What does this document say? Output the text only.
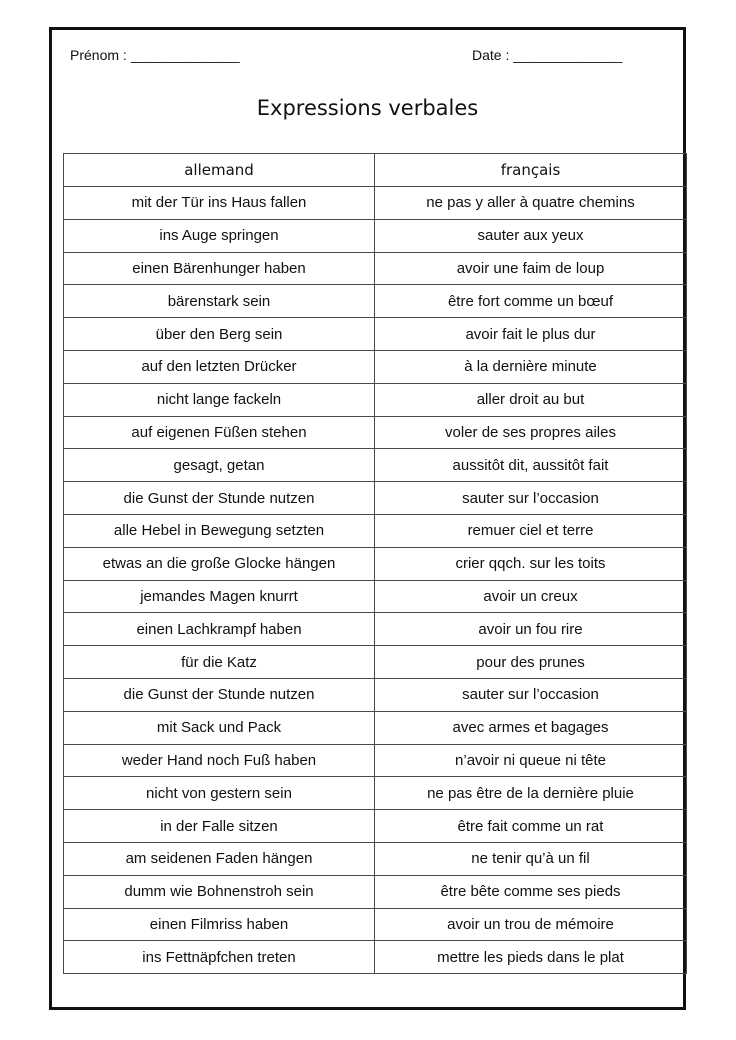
Prénom : ______________	Date : ______________
Expressions verbales
allemand	français
mit der Tür ins Haus fallen	ne pas y aller à quatre chemins
ins Auge springen	sauter aux yeux
einen Bärenhunger haben	avoir une faim de loup
bärenstark sein	être fort comme un bœuf
über den Berg sein	avoir fait le plus dur
auf den letzten Drücker	à la dernière minute
nicht lange fackeln	aller droit au but
auf eigenen Füßen stehen	voler de ses propres ailes
gesagt, getan	aussitôt dit, aussitôt fait
die Gunst der Stunde nutzen	sauter sur l’occasion
alle Hebel in Bewegung setzten	remuer ciel et terre
etwas an die große Glocke hängen	crier qqch. sur les toits
jemandes Magen knurrt	avoir un creux
einen Lachkrampf haben	avoir un fou rire
für die Katz	pour des prunes
die Gunst der Stunde nutzen	sauter sur l’occasion
mit Sack und Pack	avec armes et bagages
weder Hand noch Fuß haben	n’avoir ni queue ni tête
nicht von gestern sein	ne pas être de la dernière pluie
in der Falle sitzen	être fait comme un rat
am seidenen Faden hängen	ne tenir qu’à un fil
dumm wie Bohnenstroh sein	être bête comme ses pieds
einen Filmriss haben	avoir un trou de mémoire
ins Fettnäpfchen treten	mettre les pieds dans le plat
